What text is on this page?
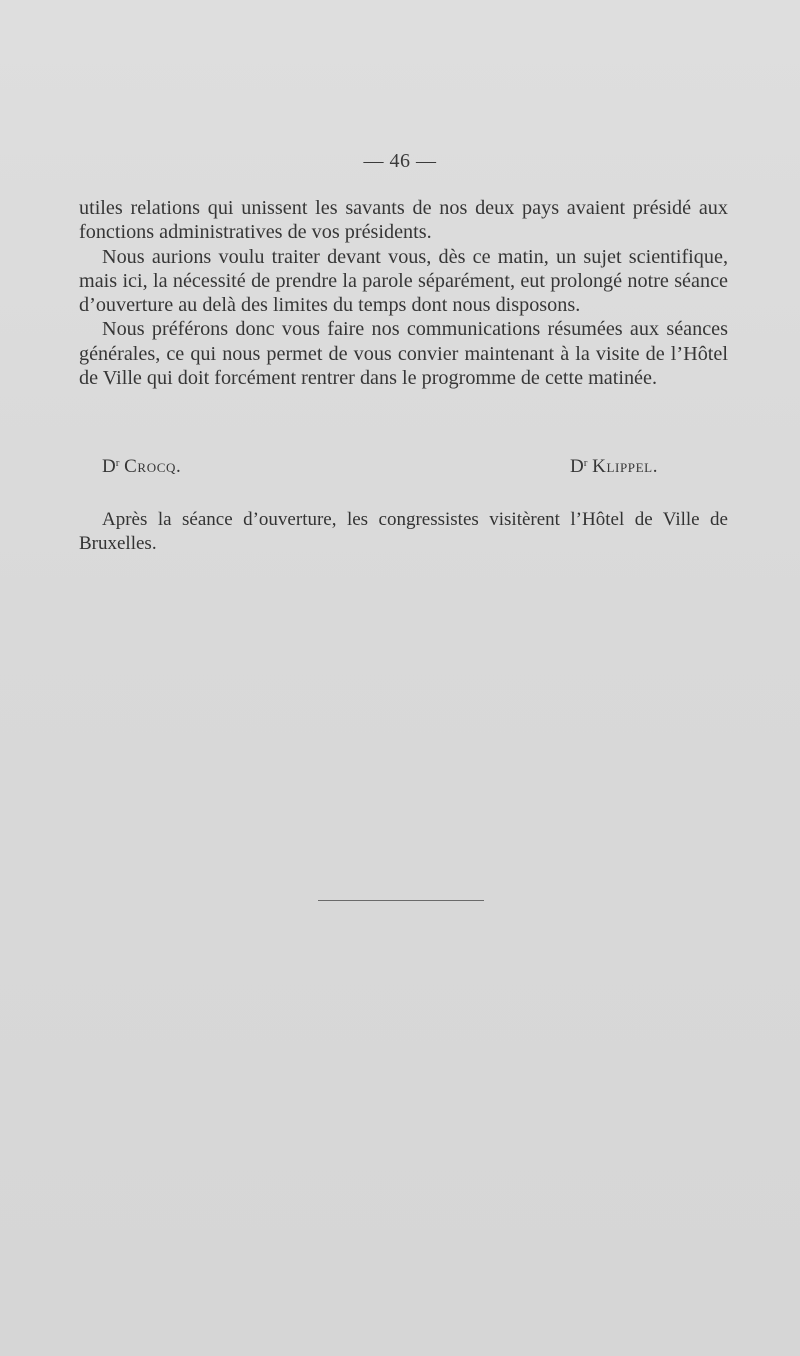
— 46 —

utiles relations qui unissent les savants de nos deux pays avaient présidé aux fonctions administratives de vos présidents.

Nous aurions voulu traiter devant vous, dès ce matin, un sujet scientifique, mais ici, la nécessité de prendre la parole séparément, eut prolongé notre séance d’ouverture au delà des limites du temps dont nous disposons.

Nous préférons donc vous faire nos communications résumées aux séances générales, ce qui nous permet de vous convier maintenant à la visite de l’Hôtel de Ville qui doit forcément rentrer dans le progromme de cette matinée.

$D^r$ Crocq.	$D^r$ Klippel.

Après la séance d’ouverture, les congressistes visitèrent l’Hôtel de Ville de Bruxelles.
